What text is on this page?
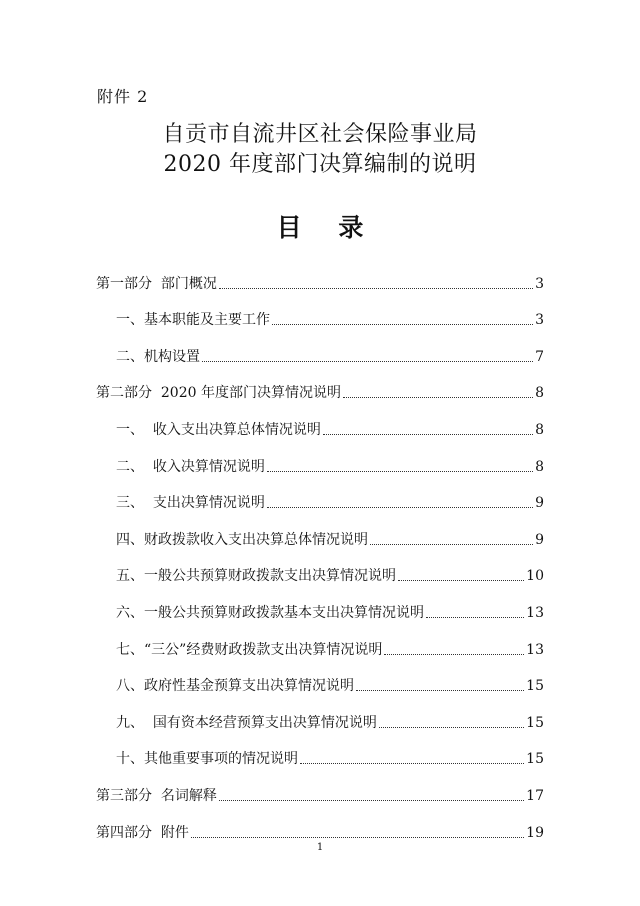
附件 2
自贡市自流井区社会保险事业局
2020 年度部门决算编制的说明
目 录
第一部分  部门概况	3
一、基本职能及主要工作	3
二、机构设置	7
第二部分  2020 年度部门决算情况说明	8
一、  收入支出决算总体情况说明	8
二、  收入决算情况说明	8
三、  支出决算情况说明	9
四、财政拨款收入支出决算总体情况说明	9
五、一般公共预算财政拨款支出决算情况说明	10
六、一般公共预算财政拨款基本支出决算情况说明	13
七、“三公”经费财政拨款支出决算情况说明	13
八、政府性基金预算支出决算情况说明	15
九、  国有资本经营预算支出决算情况说明	15
十、其他重要事项的情况说明	15
第三部分  名词解释	17
第四部分  附件	19
1
